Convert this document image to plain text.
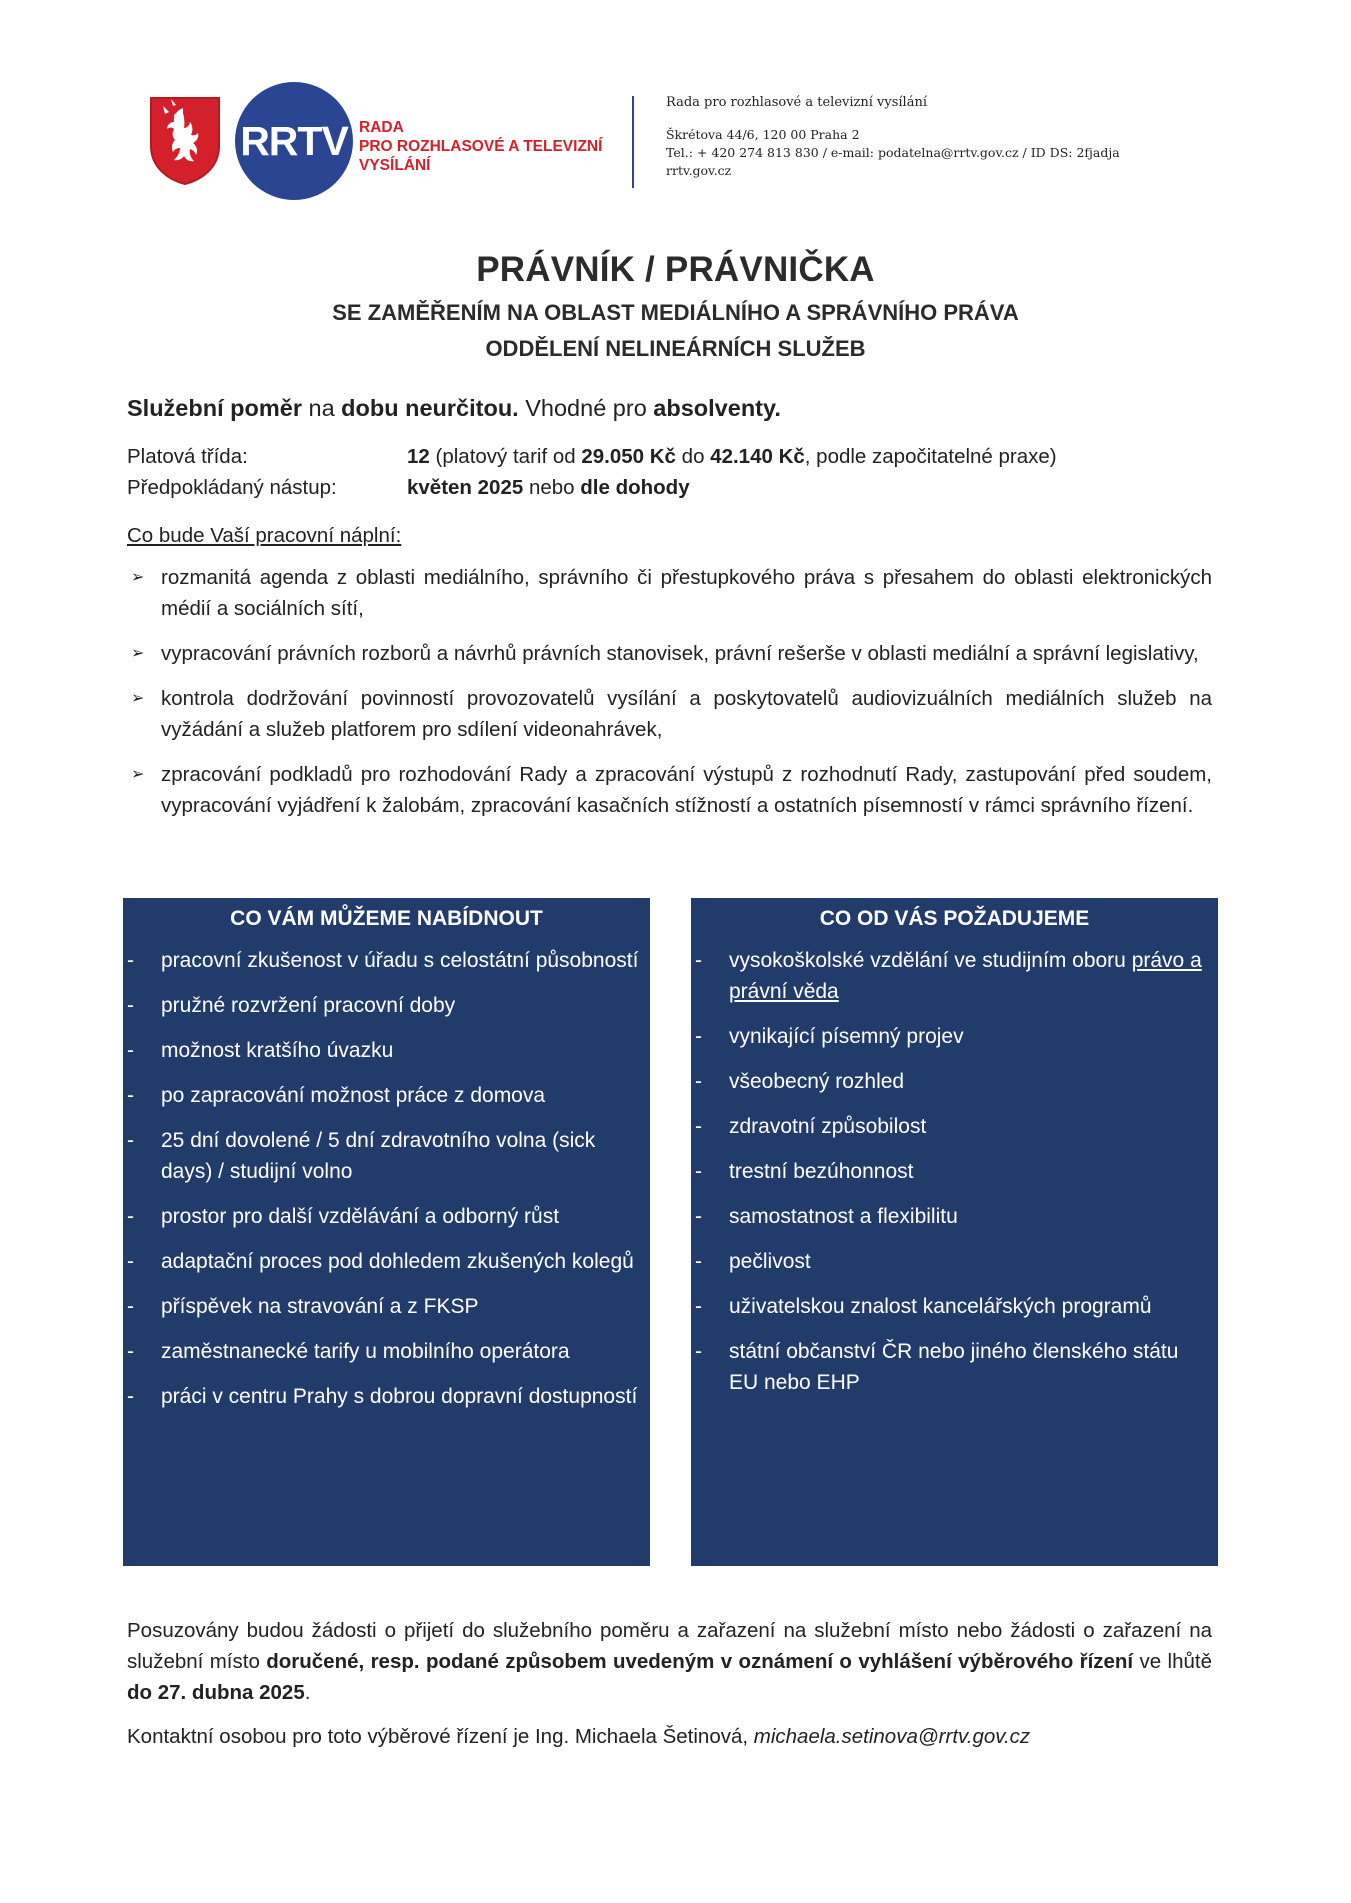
RRTV RADA
PRO ROZHLASOVÉ A TELEVIZNÍ
VYSÍLÁNÍ
Rada pro rozhlasové a televizní vysílání
Škrétova 44/6, 120 00 Praha 2
Tel.: + 420 274 813 830 / e-mail: podatelna@rrtv.gov.cz / ID DS: 2fjadja
rrtv.gov.cz
PRÁVNÍK / PRÁVNIČKA
SE ZAMĚŘENÍM NA OBLAST MEDIÁLNÍHO A SPRÁVNÍHO PRÁVA
ODDĚLENÍ NELINEÁRNÍCH SLUŽEB
Služební poměr na dobu neurčitou. Vhodné pro absolventy.
Platová třída:	12 (platový tarif od 29.050 Kč do 42.140 Kč, podle započitatelné praxe)
Předpokládaný nástup:	květen 2025 nebo dle dohody
Co bude Vaší pracovní náplní:
➢ rozmanitá agenda z oblasti mediálního, správního či přestupkového práva s přesahem do oblasti elektronických médií a sociálních sítí,
➢ vypracování právních rozborů a návrhů právních stanovisek, právní rešerše v oblasti mediální a správní legislativy,
➢ kontrola dodržování povinností provozovatelů vysílání a poskytovatelů audiovizuálních mediálních služeb na vyžádání a služeb platforem pro sdílení videonahrávek,
➢ zpracování podkladů pro rozhodování Rady a zpracování výstupů z rozhodnutí Rady, zastupování před soudem, vypracování vyjádření k žalobám, zpracování kasačních stížností a ostatních písemností v rámci správního řízení.
CO VÁM MŮŽEME NABÍDNOUT
- pracovní zkušenost v úřadu s celostátní působností
- pružné rozvržení pracovní doby
- možnost kratšího úvazku
- po zapracování možnost práce z domova
- 25 dní dovolené / 5 dní zdravotního volna (sick days) / studijní volno
- prostor pro další vzdělávání a odborný růst
- adaptační proces pod dohledem zkušených kolegů
- příspěvek na stravování a z FKSP
- zaměstnanecké tarify u mobilního operátora
- práci v centru Prahy s dobrou dopravní dostupností
CO OD VÁS POŽADUJEME
- vysokoškolské vzdělání ve studijním oboru právo a právní věda
- vynikající písemný projev
- všeobecný rozhled
- zdravotní způsobilost
- trestní bezúhonnost
- samostatnost a flexibilitu
- pečlivost
- uživatelskou znalost kancelářských programů
- státní občanství ČR nebo jiného členského státu EU nebo EHP
Posuzovány budou žádosti o přijetí do služebního poměru a zařazení na služební místo nebo žádosti o zařazení na služební místo doručené, resp. podané způsobem uvedeným v oznámení o vyhlášení výběrového řízení ve lhůtě do 27. dubna 2025.
Kontaktní osobou pro toto výběrové řízení je Ing. Michaela Šetinová, michaela.setinova@rrtv.gov.cz
